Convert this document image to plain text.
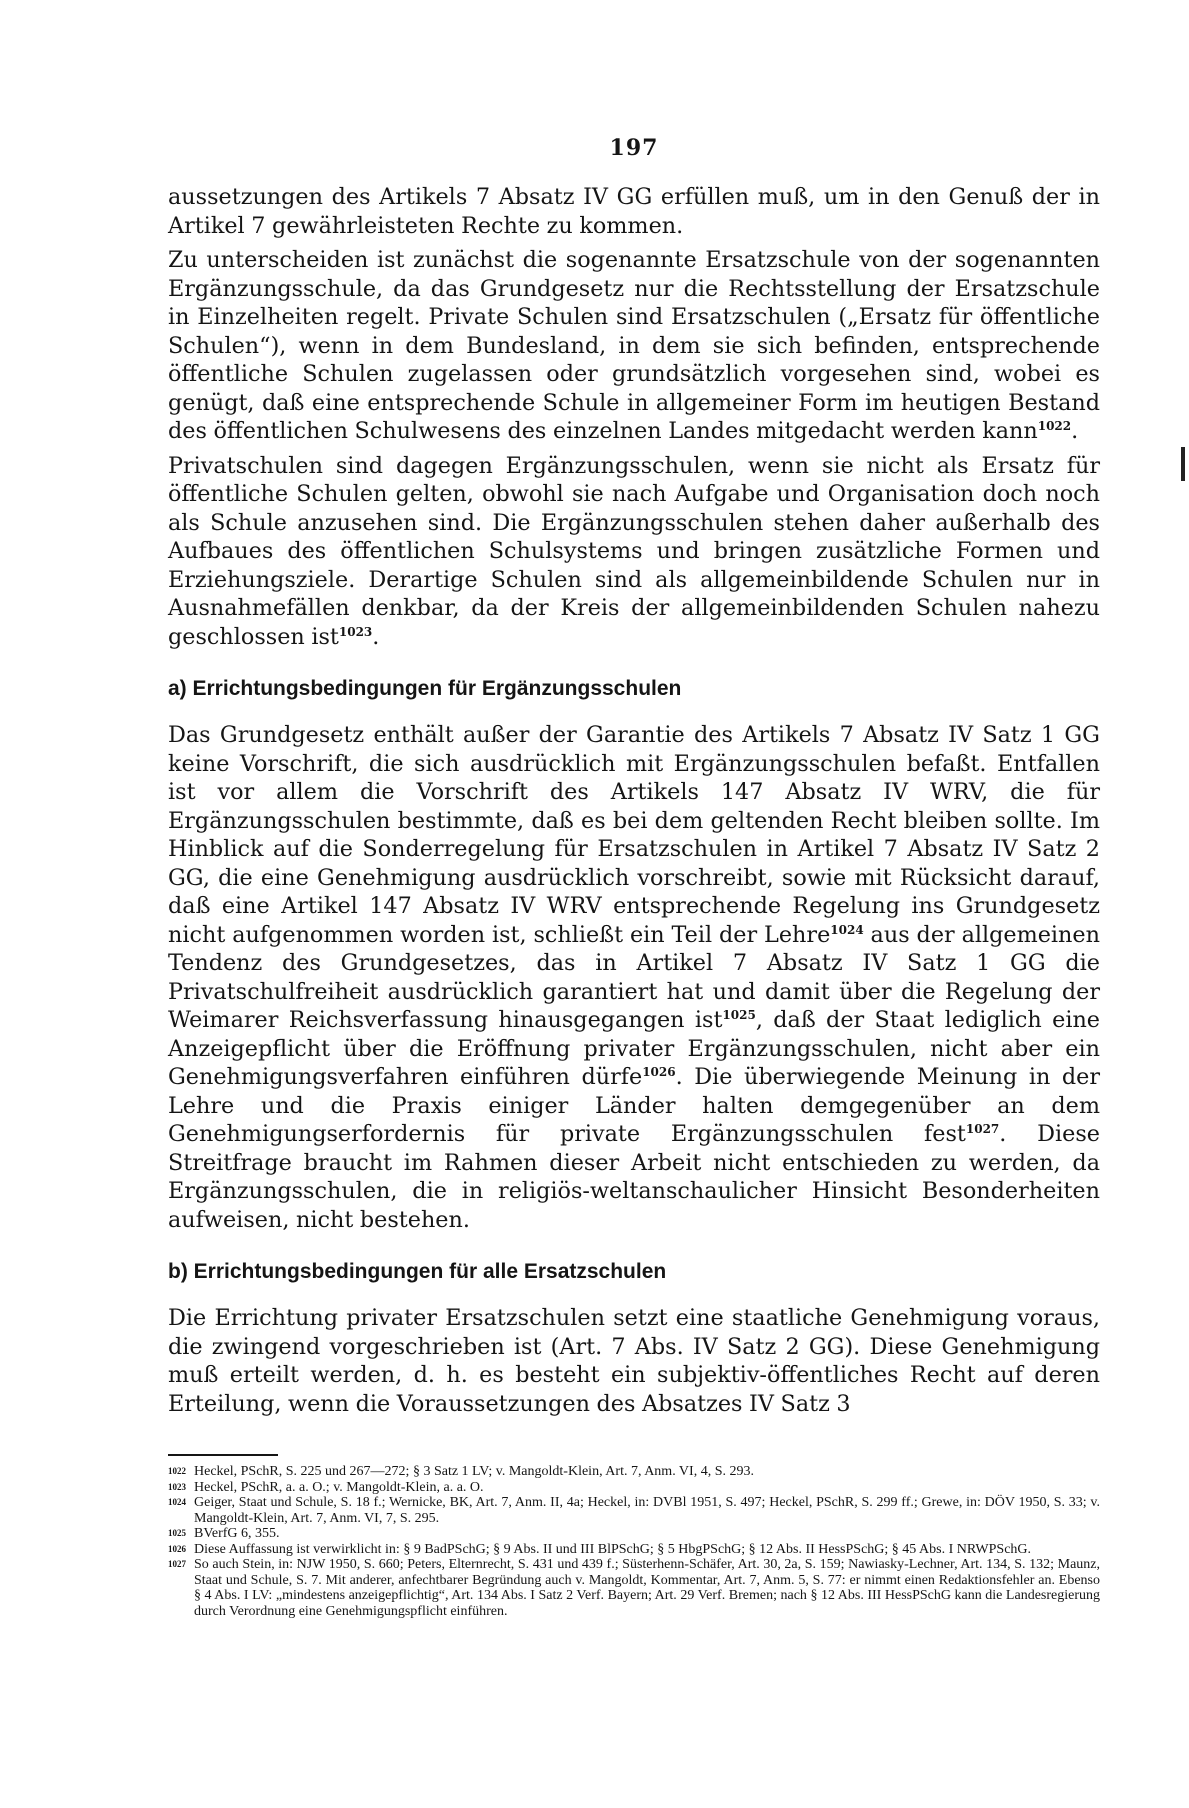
197

aussetzungen des Artikels 7 Absatz IV GG erfüllen muß, um in den Genuß der in Artikel 7 gewährleisteten Rechte zu kommen.

Zu unterscheiden ist zunächst die sogenannte Ersatzschule von der sogenannten Ergänzungsschule, da das Grundgesetz nur die Rechtsstellung der Ersatzschule in Einzelheiten regelt. Private Schulen sind Ersatzschulen („Ersatz für öffentliche Schulen“), wenn in dem Bundesland, in dem sie sich befinden, entsprechende öffentliche Schulen zugelassen oder grundsätzlich vorgesehen sind, wobei es genügt, daß eine entsprechende Schule in allgemeiner Form im heutigen Bestand des öffentlichen Schulwesens des einzelnen Landes mitgedacht werden kann$^{1022}$.

Privatschulen sind dagegen Ergänzungsschulen, wenn sie nicht als Ersatz für öffentliche Schulen gelten, obwohl sie nach Aufgabe und Organisation doch noch als Schule anzusehen sind. Die Ergänzungsschulen stehen daher außerhalb des Aufbaues des öffentlichen Schulsystems und bringen zusätzliche Formen und Erziehungsziele. Derartige Schulen sind als allgemeinbildende Schulen nur in Ausnahmefällen denkbar, da der Kreis der allgemeinbildenden Schulen nahezu geschlossen ist$^{1023}$.

a) Errichtungsbedingungen für Ergänzungsschulen

Das Grundgesetz enthält außer der Garantie des Artikels 7 Absatz IV Satz 1 GG keine Vorschrift, die sich ausdrücklich mit Ergänzungsschulen befaßt. Entfallen ist vor allem die Vorschrift des Artikels 147 Absatz IV WRV, die für Ergänzungsschulen bestimmte, daß es bei dem geltenden Recht bleiben sollte. Im Hinblick auf die Sonderregelung für Ersatzschulen in Artikel 7 Absatz IV Satz 2 GG, die eine Genehmigung ausdrücklich vorschreibt, sowie mit Rücksicht darauf, daß eine Artikel 147 Absatz IV WRV entsprechende Regelung ins Grundgesetz nicht aufgenommen worden ist, schließt ein Teil der Lehre$^{1024}$ aus der allgemeinen Tendenz des Grundgesetzes, das in Artikel 7 Absatz IV Satz 1 GG die Privatschulfreiheit ausdrücklich garantiert hat und damit über die Regelung der Weimarer Reichsverfassung hinausgegangen ist$^{1025}$, daß der Staat lediglich eine Anzeigepflicht über die Eröffnung privater Ergänzungsschulen, nicht aber ein Genehmigungsverfahren einführen dürfe$^{1026}$. Die überwiegende Meinung in der Lehre und die Praxis einiger Länder halten demgegenüber an dem Genehmigungserfordernis für private Ergänzungsschulen fest$^{1027}$. Diese Streitfrage braucht im Rahmen dieser Arbeit nicht entschieden zu werden, da Ergänzungsschulen, die in religiös-weltanschaulicher Hinsicht Besonderheiten aufweisen, nicht bestehen.

b) Errichtungsbedingungen für alle Ersatzschulen

Die Errichtung privater Ersatzschulen setzt eine staatliche Genehmigung voraus, die zwingend vorgeschrieben ist (Art. 7 Abs. IV Satz 2 GG). Diese Genehmigung muß erteilt werden, d. h. es besteht ein subjektiv-öffentliches Recht auf deren Erteilung, wenn die Voraussetzungen des Absatzes IV Satz 3

1022 Heckel, PSchR, S. 225 und 267—272; § 3 Satz 1 LV; v. Mangoldt-Klein, Art. 7, Anm. VI, 4, S. 293.
1023 Heckel, PSchR, a. a. O.; v. Mangoldt-Klein, a. a. O.
1024 Geiger, Staat und Schule, S. 18 f.; Wernicke, BK, Art. 7, Anm. II, 4a; Heckel, in: DVBl 1951, S. 497; Heckel, PSchR, S. 299 ff.; Grewe, in: DÖV 1950, S. 33; v. Mangoldt-Klein, Art. 7, Anm. VI, 7, S. 295.
1025 BVerfG 6, 355.
1026 Diese Auffassung ist verwirklicht in: § 9 BadPSchG; § 9 Abs. II und III BlPSchG; § 5 HbgPSchG; § 12 Abs. II HessPSchG; § 45 Abs. I NRWPSchG.
1027 So auch Stein, in: NJW 1950, S. 660; Peters, Elternrecht, S. 431 und 439 f.; Süsterhenn-Schäfer, Art. 30, 2a, S. 159; Nawiasky-Lechner, Art. 134, S. 132; Maunz, Staat und Schule, S. 7. Mit anderer, anfechtbarer Begründung auch v. Mangoldt, Kommentar, Art. 7, Anm. 5, S. 77: er nimmt einen Redaktionsfehler an. Ebenso § 4 Abs. I LV: „mindestens anzeigepflichtig“, Art. 134 Abs. I Satz 2 Verf. Bayern; Art. 29 Verf. Bremen; nach § 12 Abs. III HessPSchG kann die Landesregierung durch Verordnung eine Genehmigungspflicht einführen.
